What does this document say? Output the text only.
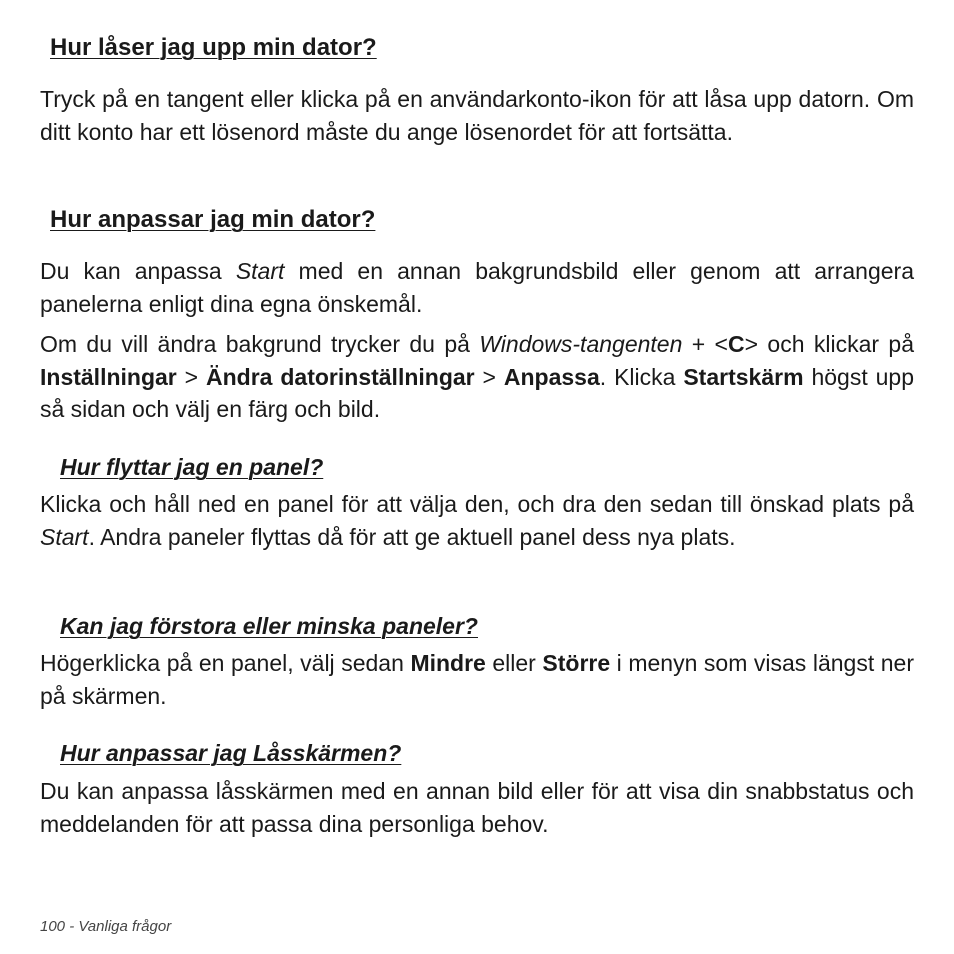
Hur låser jag upp min dator?

Tryck på en tangent eller klicka på en användarkonto-ikon för att låsa upp datorn. Om ditt konto har ett lösenord måste du ange lösenordet för att fortsätta.

Hur anpassar jag min dator?

Du kan anpassa Start med en annan bakgrundsbild eller genom att arrangera panelerna enligt dina egna önskemål.

Om du vill ändra bakgrund trycker du på Windows-tangenten + <C> och klickar på Inställningar > Ändra datorinställningar > Anpassa. Klicka Startskärm högst upp så sidan och välj en färg och bild.

Hur flyttar jag en panel?

Klicka och håll ned en panel för att välja den, och dra den sedan till önskad plats på Start. Andra paneler flyttas då för att ge aktuell panel dess nya plats.

Kan jag förstora eller minska paneler?

Högerklicka på en panel, välj sedan Mindre eller Större i menyn som visas längst ner på skärmen.

Hur anpassar jag Låsskärmen?

Du kan anpassa låsskärmen med en annan bild eller för att visa din snabbstatus och meddelanden för att passa dina personliga behov.

100 - Vanliga frågor
